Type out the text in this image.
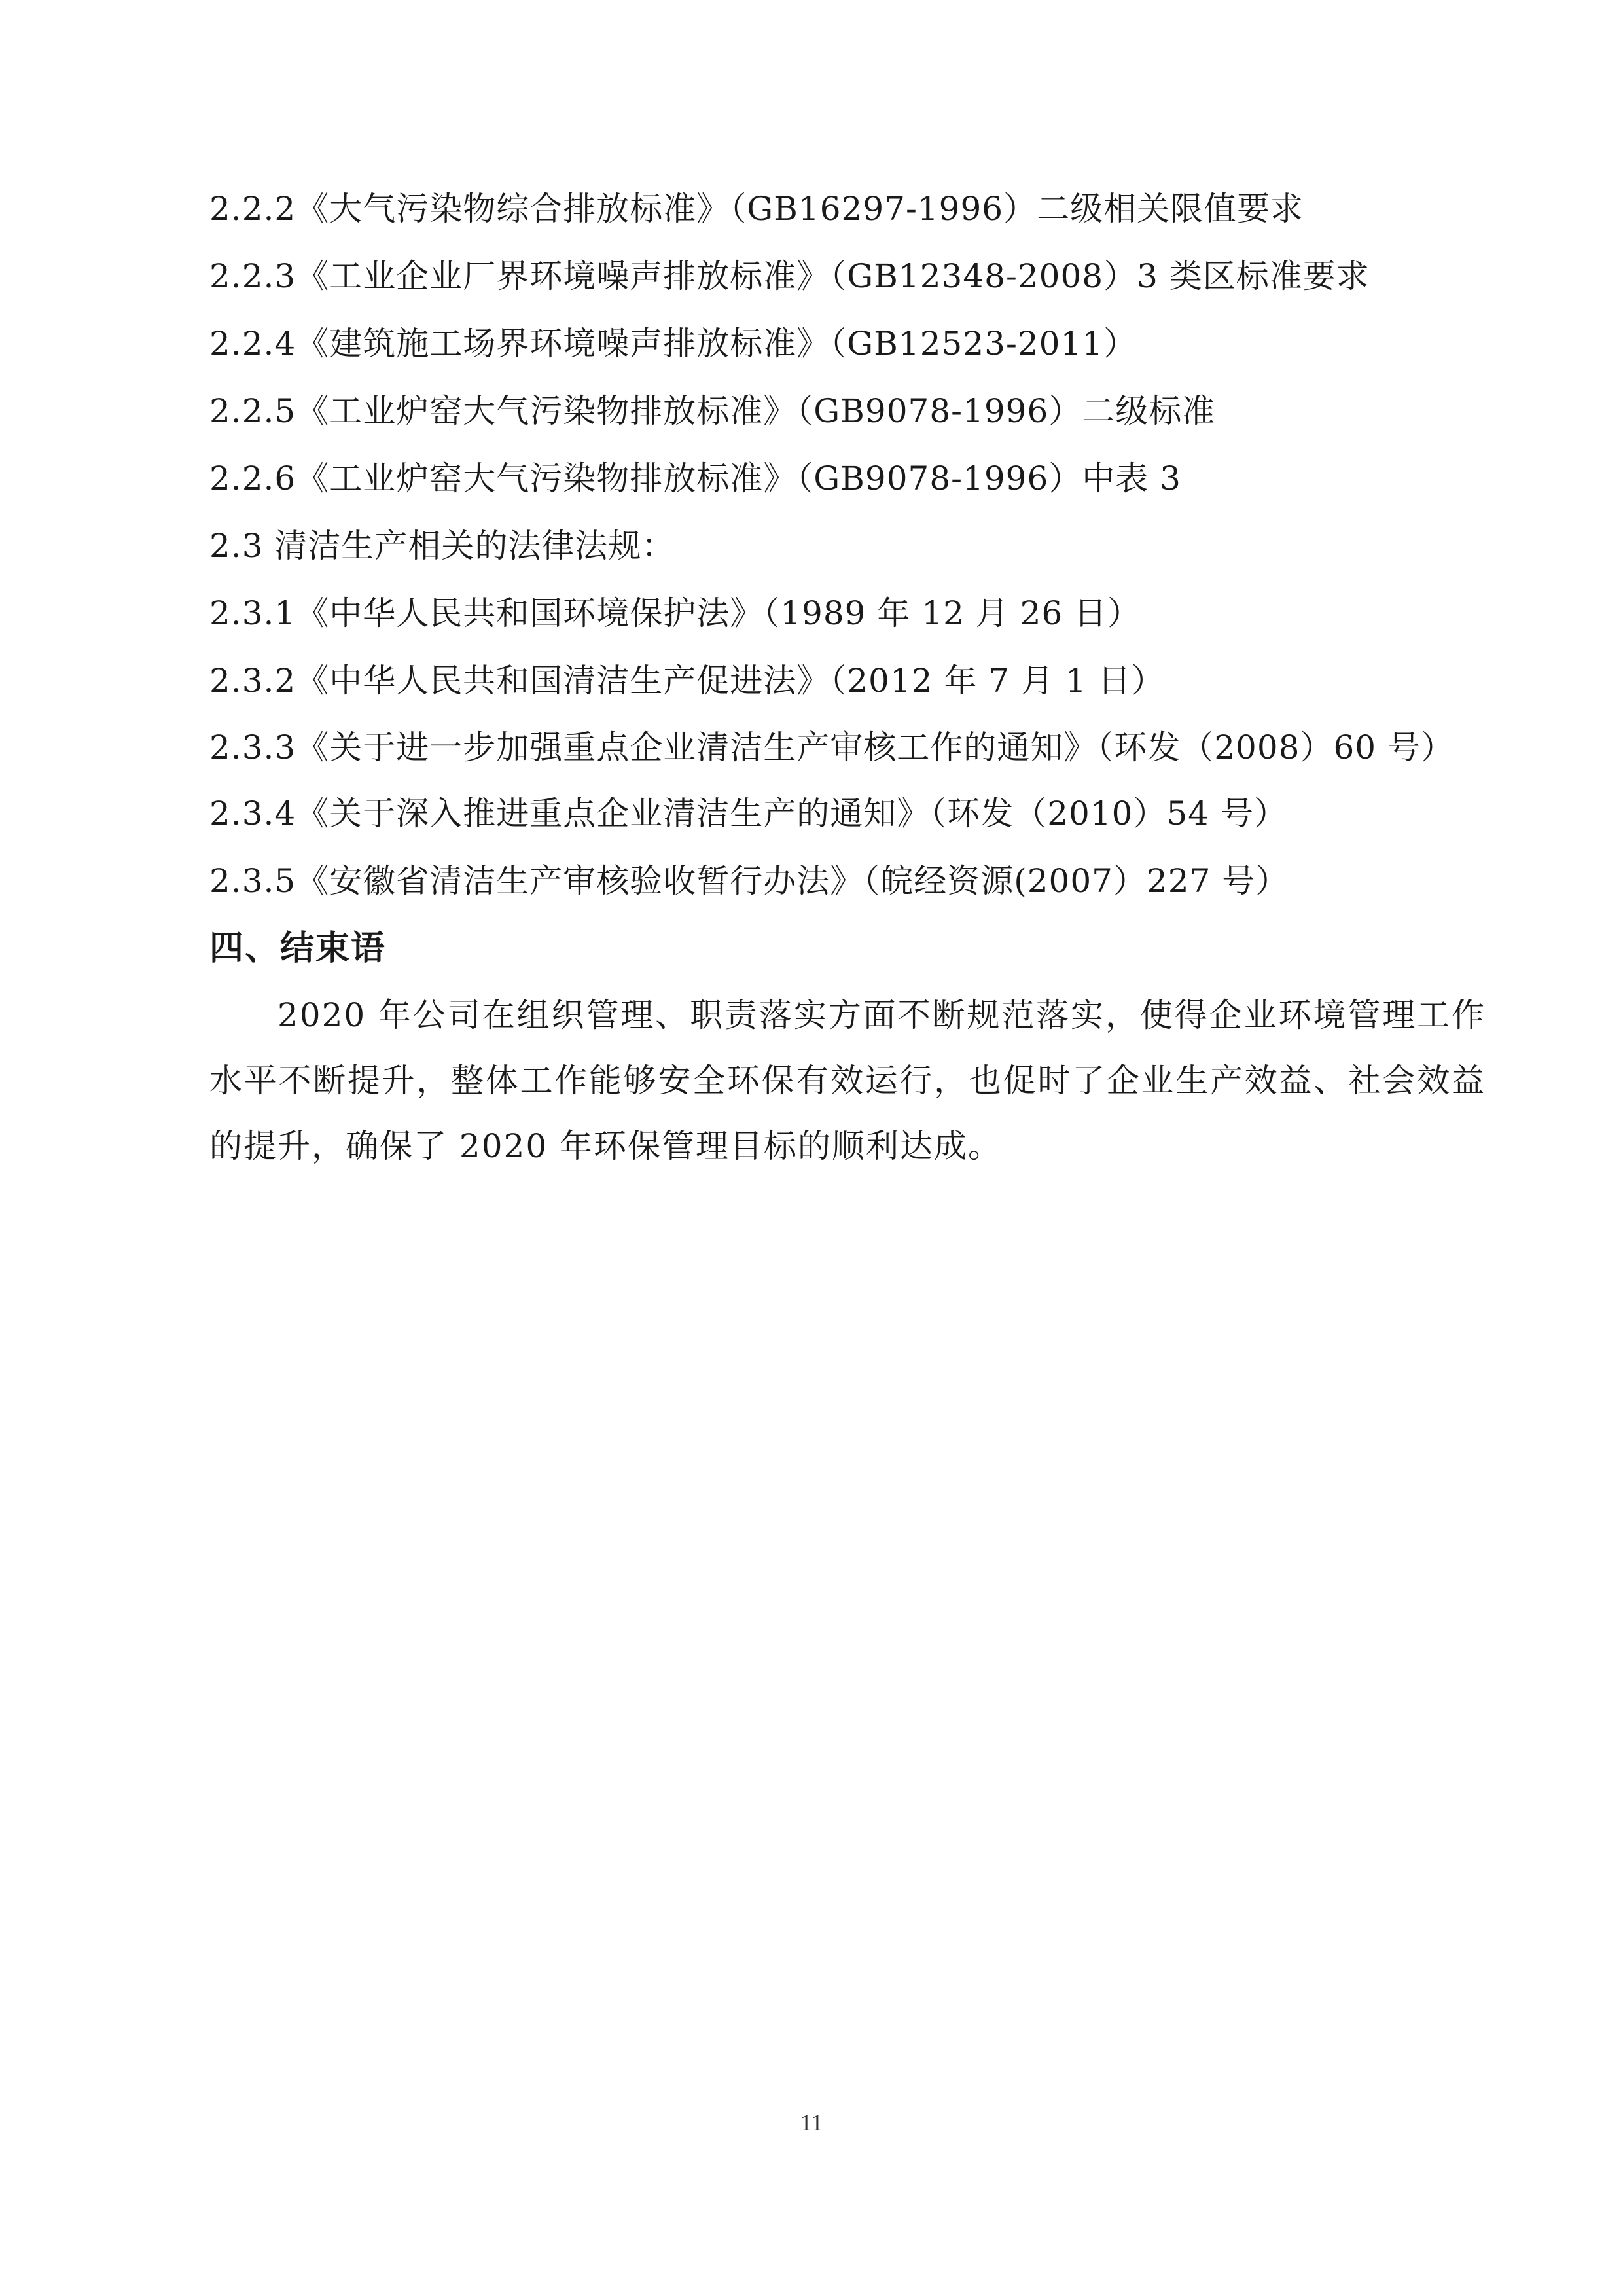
2.2.2《大气污染物综合排放标准》（GB16297-1996）二级相关限值要求
2.2.3《工业企业厂界环境噪声排放标准》（GB12348-2008）3 类区标准要求
2.2.4《建筑施工场界环境噪声排放标准》（GB12523-2011）
2.2.5《工业炉窑大气污染物排放标准》（GB9078-1996）二级标准
2.2.6《工业炉窑大气污染物排放标准》（GB9078-1996）中表 3
2.3 清洁生产相关的法律法规：
2.3.1《中华人民共和国环境保护法》（1989 年 12 月 26 日）
2.3.2《中华人民共和国清洁生产促进法》（2012 年 7 月 1 日）
2.3.3《关于进一步加强重点企业清洁生产审核工作的通知》（环发（2008）60 号）
2.3.4《关于深入推进重点企业清洁生产的通知》（环发（2010）54 号）
2.3.5《安徽省清洁生产审核验收暂行办法》（皖经资源(2007）227 号）
四、结束语
2020 年公司在组织管理、职责落实方面不断规范落实，使得企业环境管理工作水平不断提升，整体工作能够安全环保有效运行，也促时了企业生产效益、社会效益的提升，确保了 2020 年环保管理目标的顺利达成。
11
